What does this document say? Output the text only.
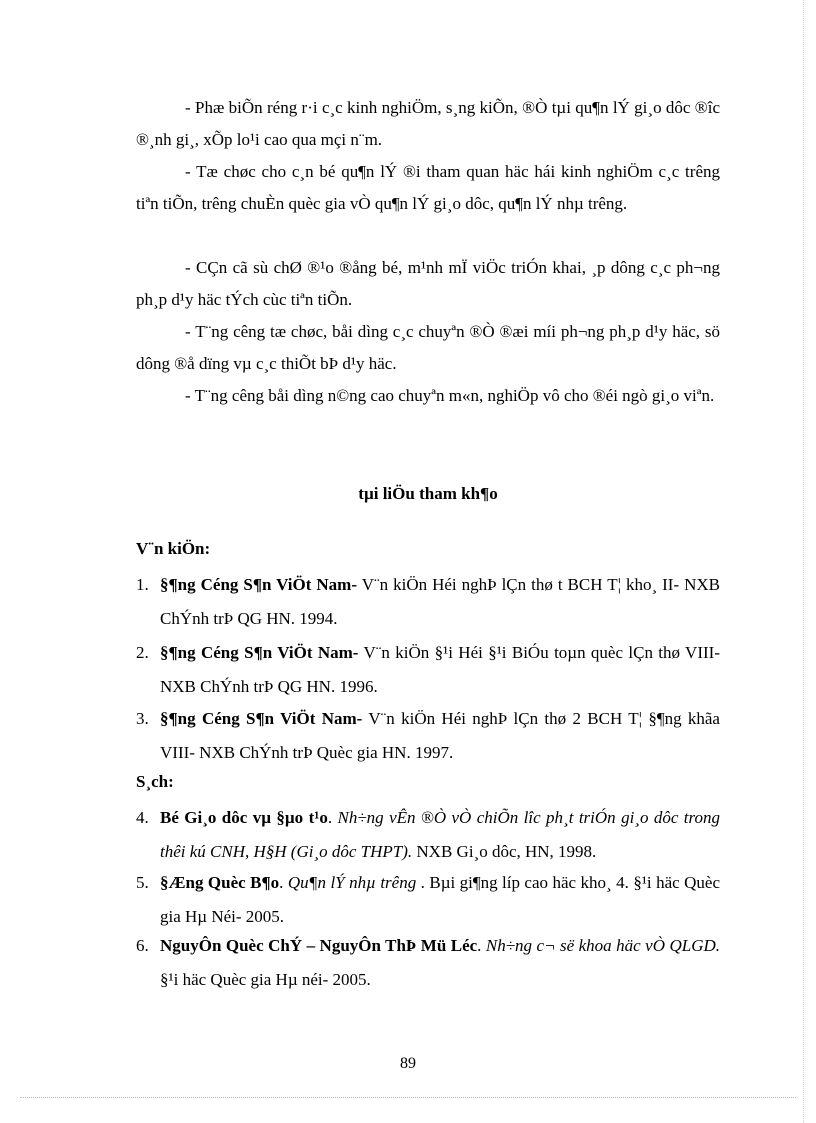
- Phæ biÕn réng r·i c¸c kinh nghiÖm, s¸ng kiÕn, ®Ò tµi qu¶n lÝ gi¸o dôc ®îc ®¸nh gi¸, xÕp lo¹i cao qua mçi n¨m.

- Tæ chøc cho c¸n bé qu¶n lÝ ®i tham quan häc hái kinh nghiÖm c¸c trêng tiªn tiÕn, trêng chuÈn quèc gia vÒ qu¶n lÝ gi¸o dôc, qu¶n lÝ nhµ trêng.

- CÇn cã sù chØ ®¹o ®ång bé, m¹nh mÏ viÖc triÓn khai, ¸p dông c¸c ph¬ng ph¸p d¹y häc tÝch cùc tiªn tiÕn.

- T¨ng cêng tæ chøc, båi dìng c¸c chuyªn ®Ò ®æi míi ph¬ng ph¸p d¹y häc, sö dông ®å dïng vµ c¸c thiÕt bÞ d¹y häc.

- T¨ng cêng båi dìng n©ng cao chuyªn m«n, nghiÖp vô cho ®éi ngò gi¸o viªn.

tµi liÖu tham kh¶o
V¨n kiÖn:

1. §¶ng Céng S¶n ViÖt Nam- V¨n kiÖn Héi nghÞ lÇn thø t BCH T¦ kho¸ II- NXB ChÝnh trÞ QG HN. 1994.

2. §¶ng Céng S¶n ViÖt Nam- V¨n kiÖn §¹i Héi §¹i BiÓu toµn quèc lÇn thø VIII- NXB ChÝnh trÞ QG HN. 1996.

3. §¶ng Céng S¶n ViÖt Nam- V¨n kiÖn Héi nghÞ lÇn thø 2 BCH T¦ §¶ng khãa VIII- NXB ChÝnh trÞ Quèc gia HN. 1997.

S¸ch:

4. Bé Gi¸o dôc vµ §µo t¹o. Nh÷ng vÊn ®Ò vÒ chiÕn lîc ph¸t triÓn gi¸o dôc trong thêi kú CNH, H§H (Gi¸o dôc THPT). NXB Gi¸o dôc, HN, 1998.

5. §Æng Quèc B¶o. Qu¶n lÝ nhµ trêng . Bµi gi¶ng líp cao häc kho¸ 4. §¹i häc Quèc gia Hµ Néi- 2005.

6. NguyÔn Quèc ChÝ – NguyÔn ThÞ Mü Léc. Nh÷ng c¬ së khoa häc vÒ QLGD. §¹i häc Quèc gia Hµ néi- 2005.

89
